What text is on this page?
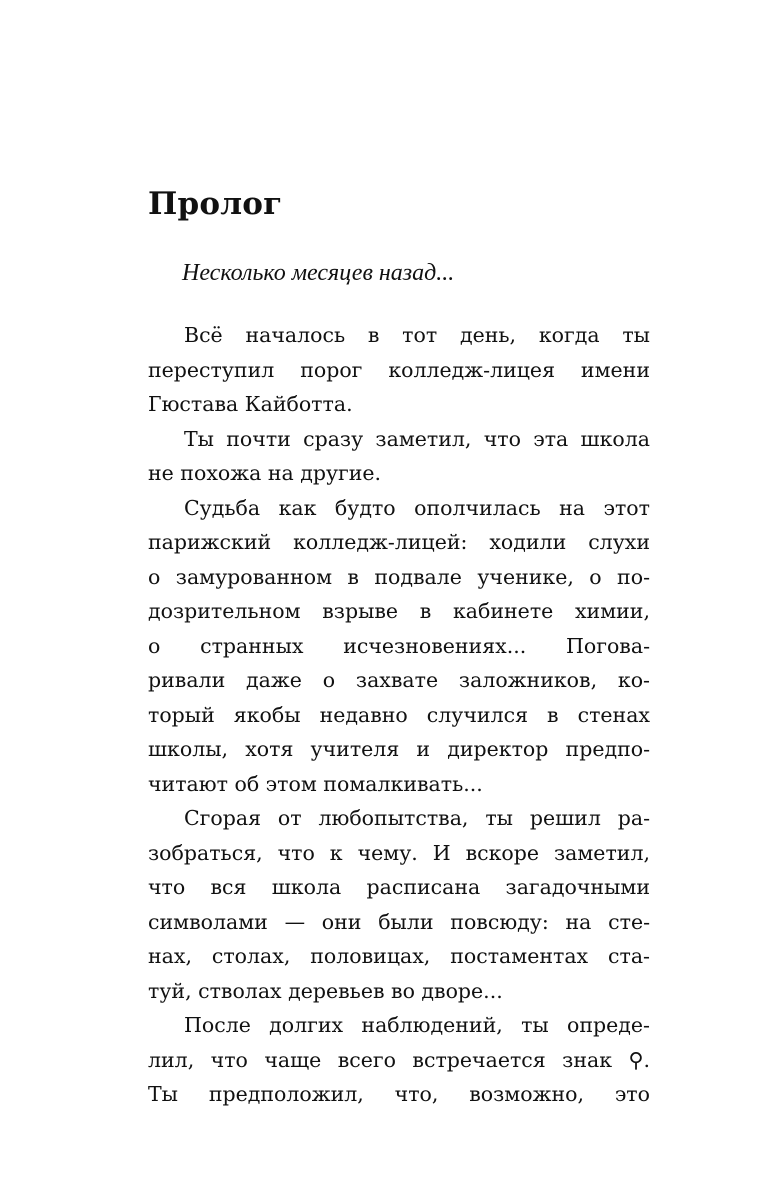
Пролог

Несколько месяцев назад...

Всё началось в тот день, когда ты
переступил порог колледж-лицея имени
Гюстава Кайботта.

Ты почти сразу заметил, что эта школа
не похожа на другие.

Судьба как будто ополчилась на этот
парижский колледж-лицей: ходили слухи
о замурованном в подвале ученике, о по-
дозрительном взрыве в кабинете химии,
о странных исчезновениях... Погова-
ривали даже о захвате заложников, ко-
торый якобы недавно случился в стенах
школы, хотя учителя и директор предпо-
читают об этом помалкивать...

Сгорая от любопытства, ты решил ра-
зобраться, что к чему. И вскоре заметил,
что вся школа расписана загадочными
символами — они были повсюду: на сте-
нах, столах, половицах, постаментах ста-
туй, стволах деревьев во дворе...

После долгих наблюдений, ты опреде-
лил, что чаще всего встречается знак ⚲.
Ты предположил, что, возможно, это
